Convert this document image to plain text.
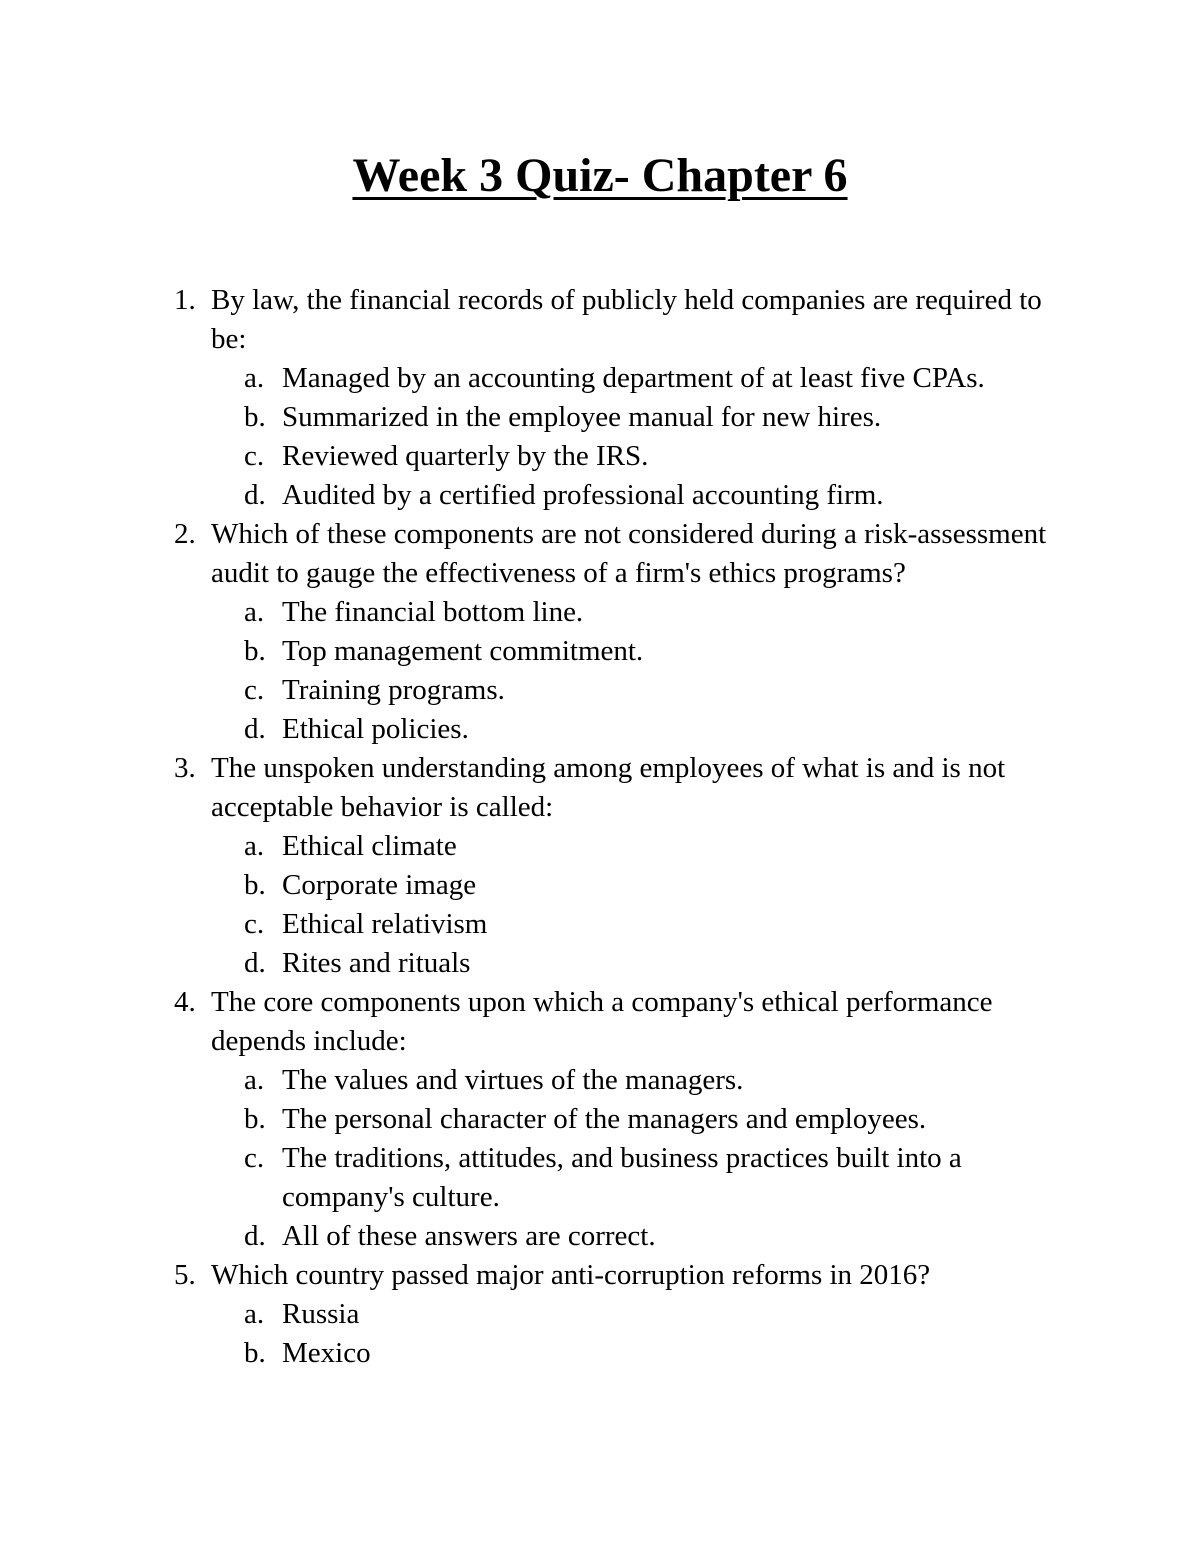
Week 3 Quiz- Chapter 6
1. By law, the financial records of publicly held companies are required to be:
a. Managed by an accounting department of at least five CPAs.
b. Summarized in the employee manual for new hires.
c. Reviewed quarterly by the IRS.
d. Audited by a certified professional accounting firm.
2. Which of these components are not considered during a risk-assessment audit to gauge the effectiveness of a firm's ethics programs?
a. The financial bottom line.
b. Top management commitment.
c. Training programs.
d. Ethical policies.
3. The unspoken understanding among employees of what is and is not acceptable behavior is called:
a. Ethical climate
b. Corporate image
c. Ethical relativism
d. Rites and rituals
4. The core components upon which a company's ethical performance depends include:
a. The values and virtues of the managers.
b. The personal character of the managers and employees.
c. The traditions, attitudes, and business practices built into a company's culture.
d. All of these answers are correct.
5. Which country passed major anti-corruption reforms in 2016?
a. Russia
b. Mexico
